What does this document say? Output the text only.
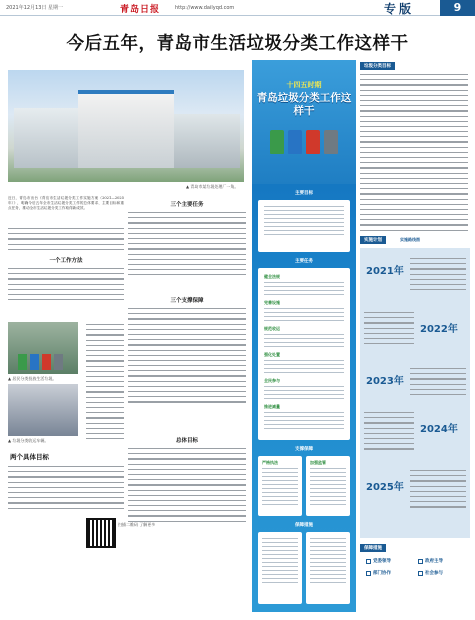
2021年12月13日 星期一	青岛日报	http://www.dailyqd.com	专版	9
今后五年，青岛市生活垃圾分类工作这样干
▲ 青岛市某垃圾处理厂一角。
近日，青岛市出台《青岛市生活垃圾分类工作实施方案（2021—2025年）》，明确今后五年全市生活垃圾分类工作的总体要求、主要目标和重点任务，推动全市生活垃圾分类工作取得新成效。
一个工作方法
▲ 居民分类投放生活垃圾。
▲ 垃圾分类收运车辆。
两个具体目标
扫描二维码 了解更多
三个主要任务
三个支撑保障
总体目标
十四五时期
青岛垃圾分类工作这样干
主要目标
主要任务
健全法规
完善设施
规范收运
强化处置
全民参与
推进减量
支撑保障
严格执法	加强监管
保障措施
垃圾分类目标
实施计划	实施路线图
2021年
2022年
2023年
2024年
2025年
保障措施
党委领导	政府主导
部门协作	社会参与
